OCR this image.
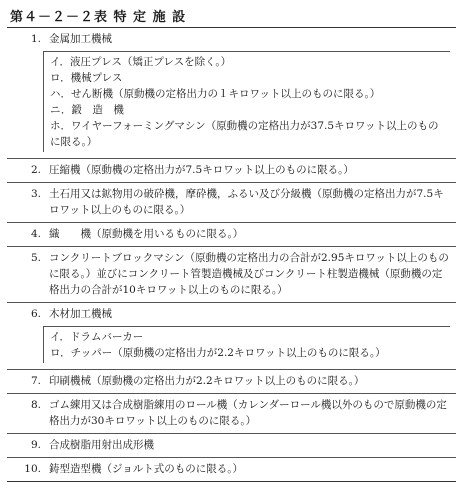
第４－２－２表 特 定 施 設
1. 金属加工機械
イ．液圧プレス（矯正プレスを除く。）
ロ．機械プレス
ハ．せん断機（原動機の定格出力の１キロワット以上のものに限る。）
ニ．鍛　造　機
ホ．ワイヤーフォーミングマシン（原動機の定格出力が37.5キロワット以上のものに限る。）
2. 圧縮機（原動機の定格出力が7.5キロワット以上のものに限る。）
3. 土石用又は鉱物用の破砕機，摩砕機，ふるい及び分級機（原動機の定格出力が7.5キロワット以上のものに限る。）
4. 織　　機（原動機を用いるものに限る。）
5. コンクリートブロックマシン（原動機の定格出力の合計が2.95キロワット以上のものに限る。）並びにコンクリート管製造機械及びコンクリート柱製造機械（原動機の定格出力の合計が10キロワット以上のものに限る。）
6. 木材加工機械
イ．ドラムバーカー
ロ．チッパー（原動機の定格出力が2.2キロワット以上のものに限る。）
7. 印刷機械（原動機の定格出力が2.2キロワット以上のものに限る。）
8. ゴム練用又は合成樹脂練用のロール機（カレンダーロール機以外のもので原動機の定格出力が30キロワット以上のものに限る。）
9. 合成樹脂用射出成形機
10. 鋳型造型機（ジョルト式のものに限る。）
